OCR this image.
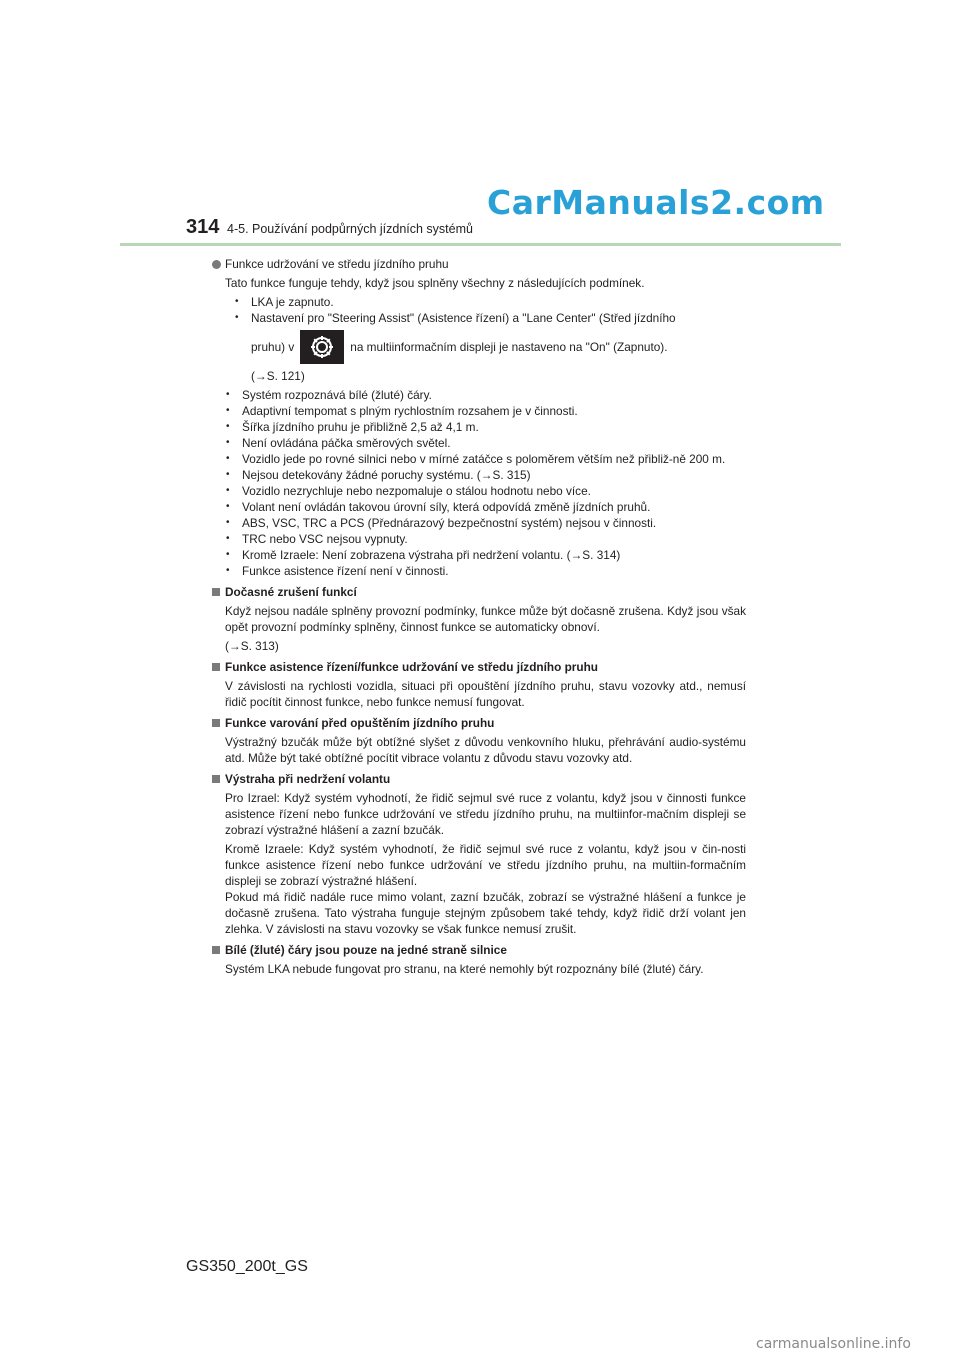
CarManuals2.com
314 4-5. Používání podpůrných jízdních systémů
Funkce udržování ve středu jízdního pruhu
Tato funkce funguje tehdy, když jsou splněny všechny z následujících podmínek.
• LKA je zapnuto.
• Nastavení pro "Steering Assist" (Asistence řízení) a "Lane Center" (Střed jízdního
pruhu) v	na multiinformačním displeji je nastaveno na "On" (Zapnuto).
(→S. 121)
• Systém rozpoznává bílé (žluté) čáry.
• Adaptivní tempomat s plným rychlostním rozsahem je v činnosti.
• Šířka jízdního pruhu je přibližně 2,5 až 4,1 m.
• Není ovládána páčka směrových světel.
• Vozidlo jede po rovné silnici nebo v mírné zatáčce s poloměrem větším než přibliž-ně 200 m.
• Nejsou detekovány žádné poruchy systému. (→S. 315)
• Vozidlo nezrychluje nebo nezpomaluje o stálou hodnotu nebo více.
• Volant není ovládán takovou úrovní síly, která odpovídá změně jízdních pruhů.
• ABS, VSC, TRC a PCS (Přednárazový bezpečnostní systém) nejsou v činnosti.
• TRC nebo VSC nejsou vypnuty.
• Kromě Izraele: Není zobrazena výstraha při nedržení volantu. (→S. 314)
• Funkce asistence řízení není v činnosti.
Dočasné zrušení funkcí
Když nejsou nadále splněny provozní podmínky, funkce může být dočasně zrušena. Když jsou však opět provozní podmínky splněny, činnost funkce se automaticky obnoví.
(→S. 313)
Funkce asistence řízení/funkce udržování ve středu jízdního pruhu
V závislosti na rychlosti vozidla, situaci při opouštění jízdního pruhu, stavu vozovky atd., nemusí řidič pocítit činnost funkce, nebo funkce nemusí fungovat.
Funkce varování před opuštěním jízdního pruhu
Výstražný bzučák může být obtížné slyšet z důvodu venkovního hluku, přehrávání audio-systému atd. Může být také obtížné pocítit vibrace volantu z důvodu stavu vozovky atd.
Výstraha při nedržení volantu
Pro Izrael: Když systém vyhodnotí, že řidič sejmul své ruce z volantu, když jsou v činnosti funkce asistence řízení nebo funkce udržování ve středu jízdního pruhu, na multiinfor-mačním displeji se zobrazí výstražné hlášení a zazní bzučák.
Kromě Izraele: Když systém vyhodnotí, že řidič sejmul své ruce z volantu, když jsou v čin-nosti funkce asistence řízení nebo funkce udržování ve středu jízdního pruhu, na multiin-formačním displeji se zobrazí výstražné hlášení.
Pokud má řidič nadále ruce mimo volant, zazní bzučák, zobrazí se výstražné hlášení a funkce je dočasně zrušena. Tato výstraha funguje stejným způsobem také tehdy, když řidič drží volant jen zlehka. V závislosti na stavu vozovky se však funkce nemusí zrušit.
Bílé (žluté) čáry jsou pouze na jedné straně silnice
Systém LKA nebude fungovat pro stranu, na které nemohly být rozpoznány bílé (žluté) čáry.
GS350_200t_GS
carmanualsonline.info
